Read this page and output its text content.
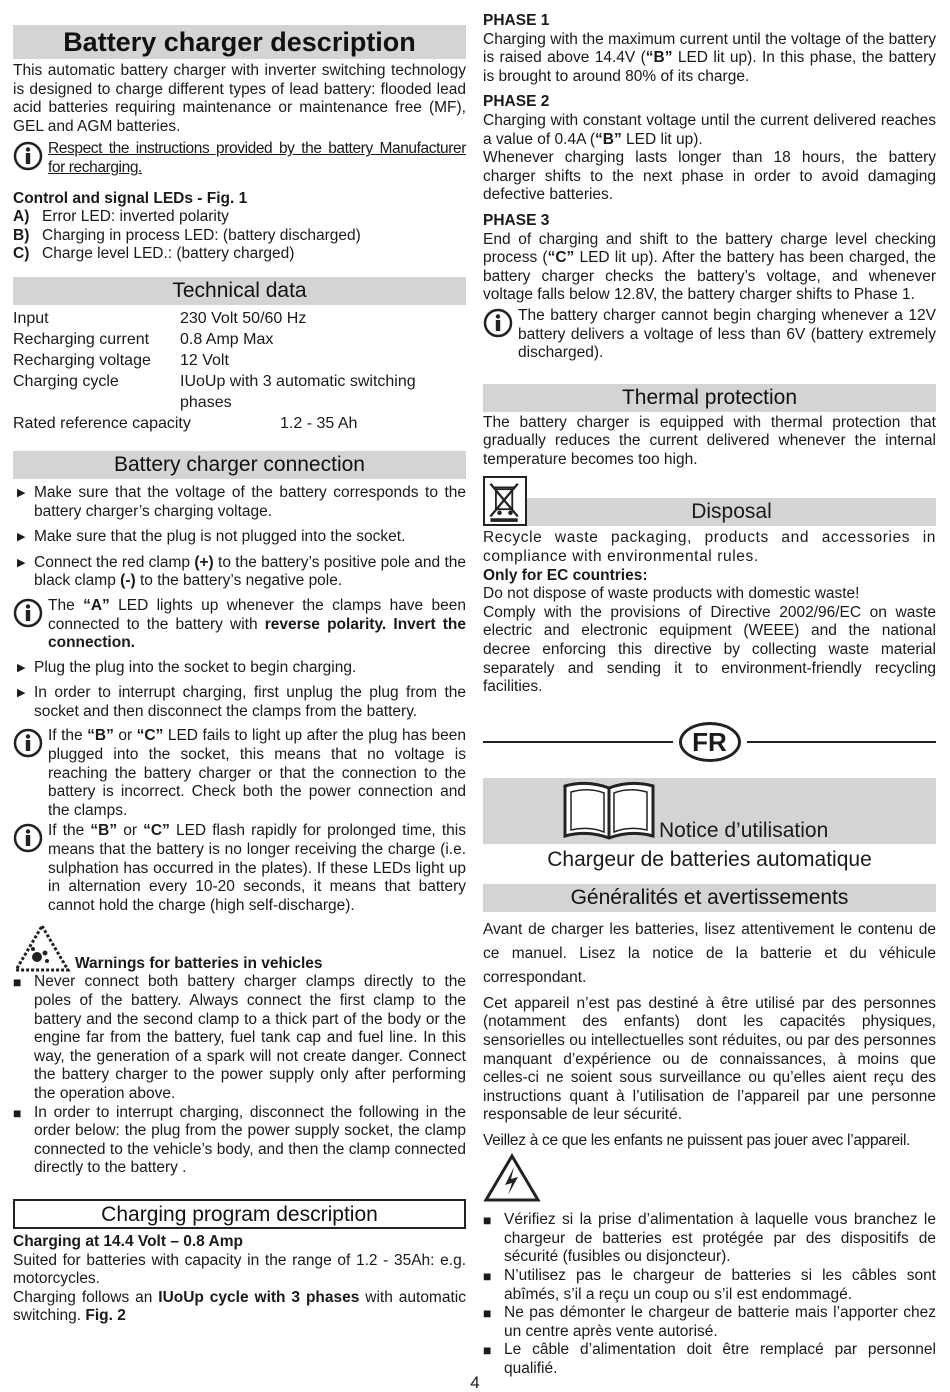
Battery charger description

This automatic battery charger with inverter switching technology is designed to charge different types of lead battery: flooded lead acid batteries requiring maintenance or maintenance free (MF), GEL and AGM batteries.

Respect the instructions provided by the battery Manufacturer for recharging.

Control and signal LEDs - Fig. 1
A) Error LED: inverted polarity
B) Charging in process LED: (battery discharged)
C) Charge level LED.: (battery charged)
Technical data
Input	230 Volt 50/60 Hz
Recharging current	0.8 Amp Max
Recharging voltage	12 Volt
Charging cycle	IUoUp with 3 automatic switching
phases
Rated reference capacity	1.2 - 35 Ah
Battery charger connection
▶ Make sure that the voltage of the battery corresponds to the battery charger’s charging voltage.

▶ Make sure that the plug is not plugged into the socket.

▶ Connect the red clamp (+) to the battery’s positive pole and the black clamp (-) to the battery’s negative pole.

The “A” LED lights up whenever the clamps have been connected to the battery with reverse polarity. Invert the connection.

▶ Plug the plug into the socket to begin charging.

▶ In order to interrupt charging, first unplug the plug from the socket and then disconnect the clamps from the battery.

If the “B” or “C” LED fails to light up after the plug has been plugged into the socket, this means that no voltage is reaching the battery charger or that the connection to the battery is incorrect. Check both the power connection and the clamps.

If the “B” or “C” LED flash rapidly for prolonged time, this means that the battery is no longer receiving the charge (i.e. sulphation has occurred in the plates). If these LEDs light up in alternation every 10-20 seconds, it means that battery cannot hold the charge (high self-discharge).

Warnings for batteries in vehicles
■ Never connect both battery charger clamps directly to the poles of the battery. Always connect the first clamp to the battery and the second clamp to a thick part of the body or the engine far from the battery, fuel tank cap and fuel line. In this way, the generation of a spark will not create danger. Connect the battery charger to the power supply only after performing the operation above.

■ In order to interrupt charging, disconnect the following in the order below: the plug from the power supply socket, the clamp connected to the vehicle’s body, and then the clamp connected directly to the battery .

Charging program description
Charging at 14.4 Volt – 0.8 Amp

Suited for batteries with capacity in the range of 1.2 - 35Ah: e.g. motorcycles.

Charging follows an IUoUp cycle with 3 phases with automatic switching. Fig. 2

PHASE 1

Charging with the maximum current until the voltage of the battery is raised above 14.4V (“B” LED lit up). In this phase, the battery is brought to around 80% of its charge.

PHASE 2

Charging with constant voltage until the current delivered reaches a value of 0.4A (“B” LED lit up).

Whenever charging lasts longer than 18 hours, the battery charger shifts to the next phase in order to avoid damaging defective batteries.

PHASE 3

End of charging and shift to the battery charge level checking process (“C” LED lit up). After the battery has been charged, the battery charger checks the battery’s voltage, and whenever voltage falls below 12.8V, the battery charger shifts to Phase 1.

The battery charger cannot begin charging whenever a 12V battery delivers a voltage of less than 6V (battery extremely discharged).

Thermal protection

The battery charger is equipped with thermal protection that gradually reduces the current delivered whenever the internal temperature becomes too high.

Disposal

Recycle waste packaging, products and accessories in compliance with environmental rules.

Only for EC countries:

Do not dispose of waste products with domestic waste!

Comply with the provisions of Directive 2002/96/EC on waste electric and electronic equipment (WEEE) and the national decree enforcing this directive by collecting waste material separately and sending it to environment-friendly recycling facilities.

FR
Notice d’utilisation
Chargeur de batteries automatique
Généralités et avertissements

Avant de charger les batteries, lisez attentivement le contenu de ce manuel. Lisez la notice de la batterie et du véhicule correspondant.

Cet appareil n’est pas destiné à être utilisé par des personnes (notamment des enfants) dont les capacités physiques, sensorielles ou intellectuelles sont réduites, ou par des personnes manquant d’expérience ou de connaissances, à moins que celles-ci ne soient sous surveillance ou qu’elles aient reçu des instructions quant à l’utilisation de l’appareil par une personne responsable de leur sécurité.

Veillez à ce que les enfants ne puissent pas jouer avec l’appareil.

■ Vérifiez si la prise d’alimentation à laquelle vous branchez le chargeur de batteries est protégée par des dispositifs de sécurité (fusibles ou disjoncteur).

■ N’utilisez pas le chargeur de batteries si les câbles sont abîmés, s’il a reçu un coup ou s’il est endommagé.

■ Ne pas démonter le chargeur de batterie mais l’apporter chez un centre après vente autorisé.

■ Le câble d’alimentation doit être remplacé par personnel qualifié.

4
